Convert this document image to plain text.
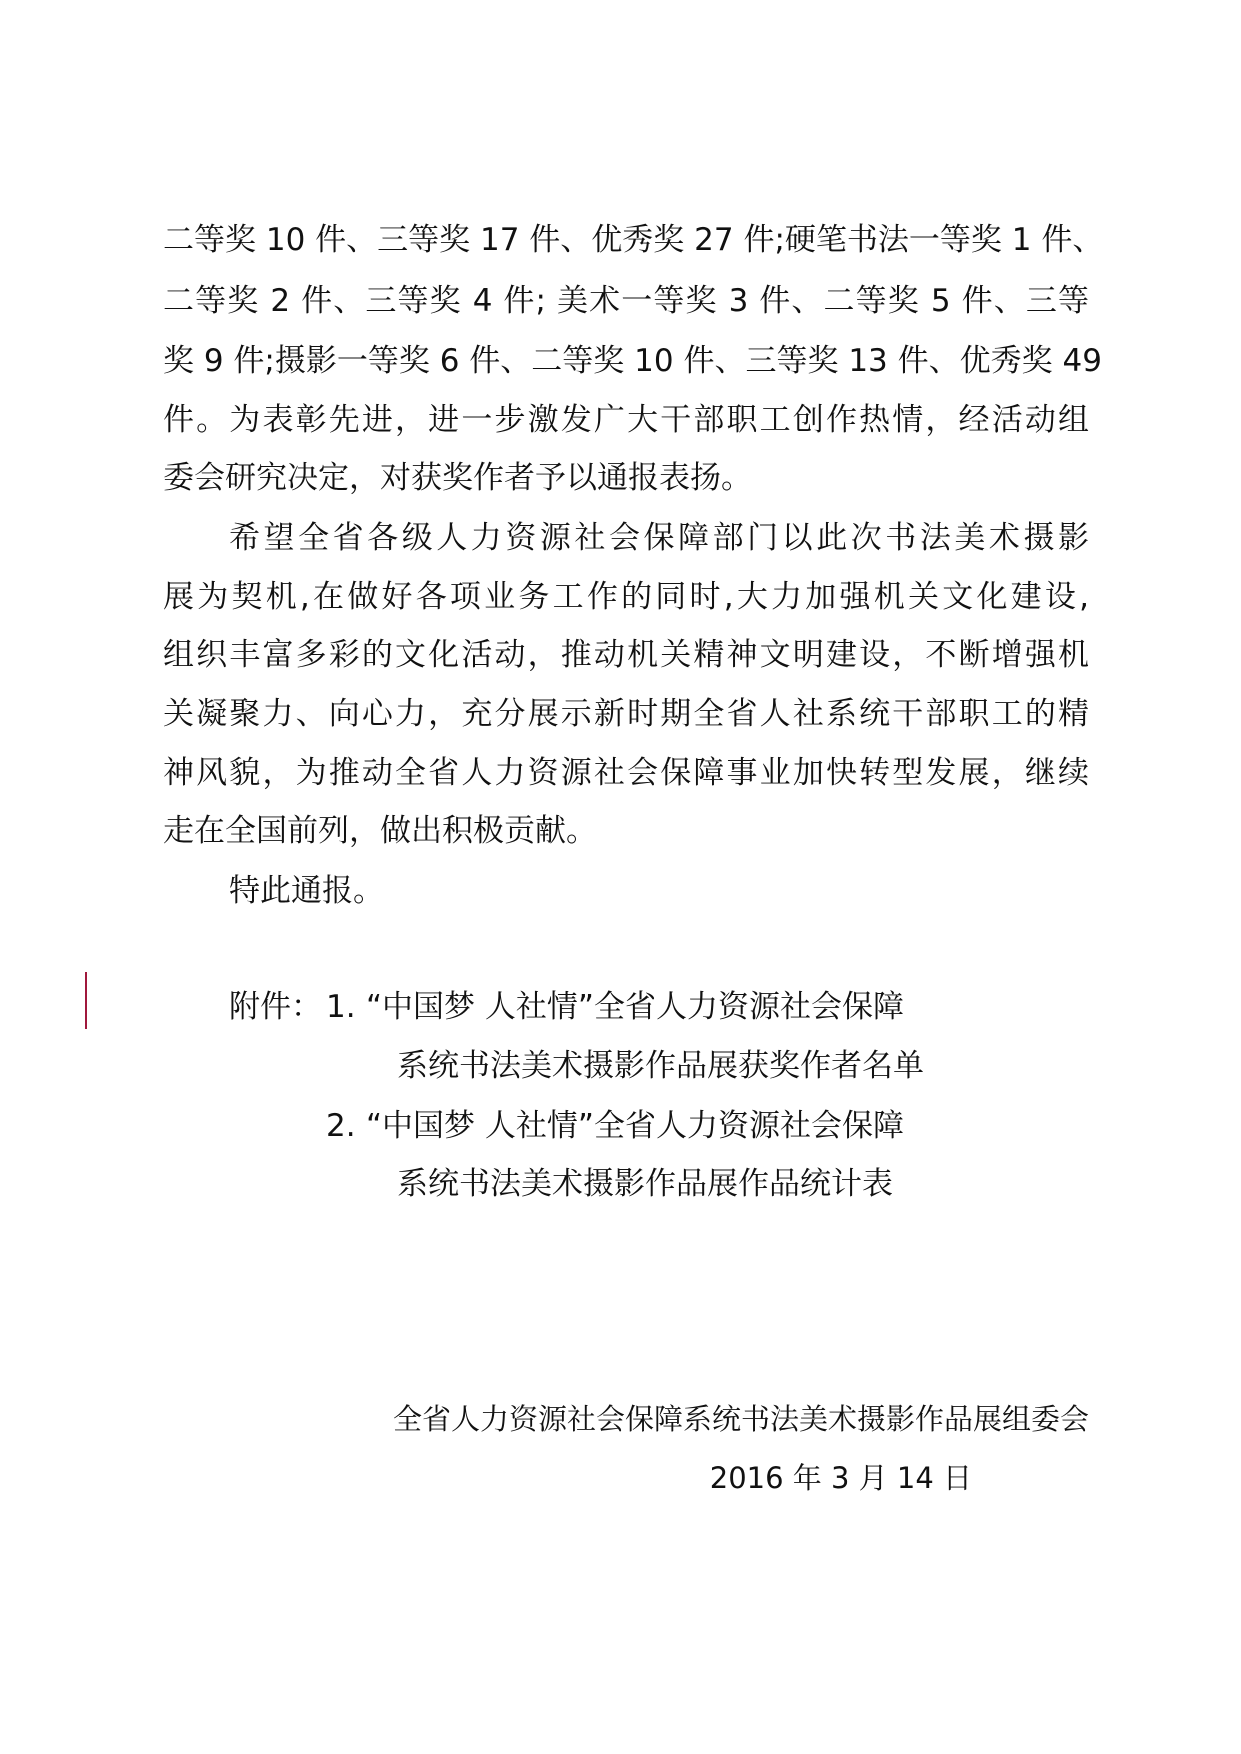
二等奖 10 件、三等奖 17 件、优秀奖 27 件;硬笔书法一等奖 1 件、
二等奖 2 件、三等奖 4 件; 美术一等奖 3 件、二等奖 5 件、三等
奖 9 件;摄影一等奖 6 件、二等奖 10 件、三等奖 13 件、优秀奖 49
件。为表彰先进，进一步激发广大干部职工创作热情，经活动组
委会研究决定，对获奖作者予以通报表扬。
希望全省各级人力资源社会保障部门以此次书法美术摄影
展为契机,在做好各项业务工作的同时,大力加强机关文化建设,
组织丰富多彩的文化活动，推动机关精神文明建设，不断增强机
关凝聚力、向心力，充分展示新时期全省人社系统干部职工的精
神风貌，为推动全省人力资源社会保障事业加快转型发展，继续
走在全国前列，做出积极贡献。
特此通报。
附件： 1. “中国梦 人社情”全省人力资源社会保障
系统书法美术摄影作品展获奖作者名单
2. “中国梦 人社情”全省人力资源社会保障
系统书法美术摄影作品展作品统计表
全省人力资源社会保障系统书法美术摄影作品展组委会
2016 年 3 月 14 日
